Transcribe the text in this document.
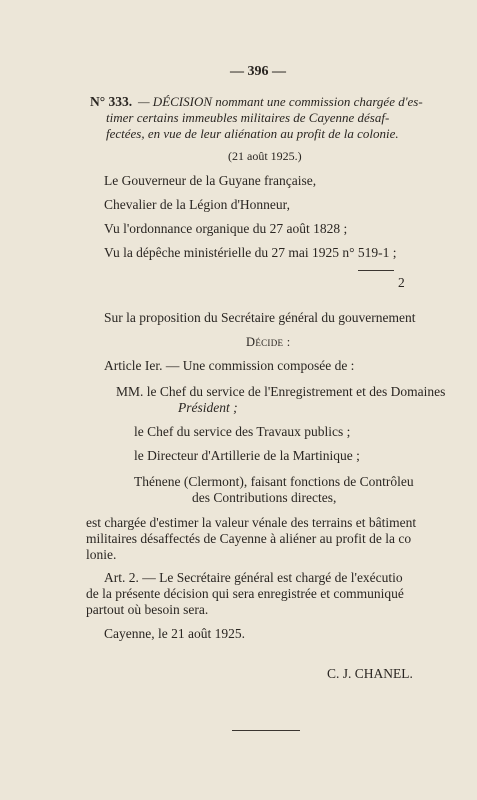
— 396 —
N° 333. — DÉCISION nommant une commission chargée d'es-
timer certains immeubles militaires de Cayenne désaf-
fectées, en vue de leur aliénation au profit de la colonie.
(21 août 1925.)
Le Gouverneur de la Guyane française,
Chevalier de la Légion d'Honneur,
Vu l'ordonnance organique du 27 août 1828 ;
Vu la dépêche ministérielle du 27 mai 1925 n° 519-1 ;
2
Sur la proposition du Secrétaire général du gouvernement
Décide :
Article Ier. — Une commission composée de :
MM. le Chef du service de l'Enregistrement et des Domaines
Président ;
le Chef du service des Travaux publics ;
le Directeur d'Artillerie de la Martinique ;
Thénene (Clermont), faisant fonctions de Contrôleu
des Contributions directes,
est chargée d'estimer la valeur vénale des terrains et bâtiment
militaires désaffectés de Cayenne à aliéner au profit de la co
lonie.
Art. 2. — Le Secrétaire général est chargé de l'exécutio
de la présente décision qui sera enregistrée et communiqué
partout où besoin sera.
Cayenne, le 21 août 1925.
C. J. CHANEL.
